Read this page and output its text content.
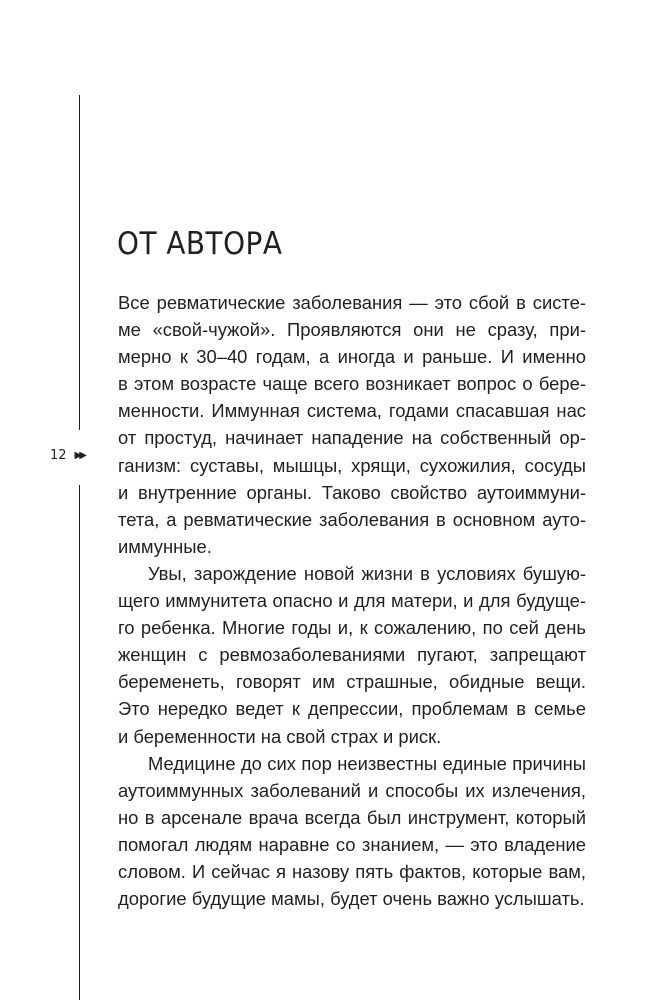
ОТ АВТОРА
12 ▶▶
Все ревматические заболевания — это сбой в систе-
ме «свой-чужой». Проявляются они не сразу, при-
мерно к 30–40 годам, а иногда и раньше. И именно
в этом возрасте чаще всего возникает вопрос о бере-
менности. Иммунная система, годами спасавшая нас
от простуд, начинает нападение на собственный ор-
ганизм: суставы, мышцы, хрящи, сухожилия, сосуды
и внутренние органы. Таково свойство аутоиммуни-
тета, а ревматические заболевания в основном ауто-
иммунные.
Увы, зарождение новой жизни в условиях бушую-
щего иммунитета опасно и для матери, и для будуще-
го ребенка. Многие годы и, к сожалению, по сей день
женщин с ревмозаболеваниями пугают, запрещают
беременеть, говорят им страшные, обидные вещи.
Это нередко ведет к депрессии, проблемам в семье
и беременности на свой страх и риск.
Медицине до сих пор неизвестны единые причины
аутоиммунных заболеваний и способы их излечения,
но в арсенале врача всегда был инструмент, который
помогал людям наравне со знанием, — это владение
словом. И сейчас я назову пять фактов, которые вам,
дорогие будущие мамы, будет очень важно услышать.
